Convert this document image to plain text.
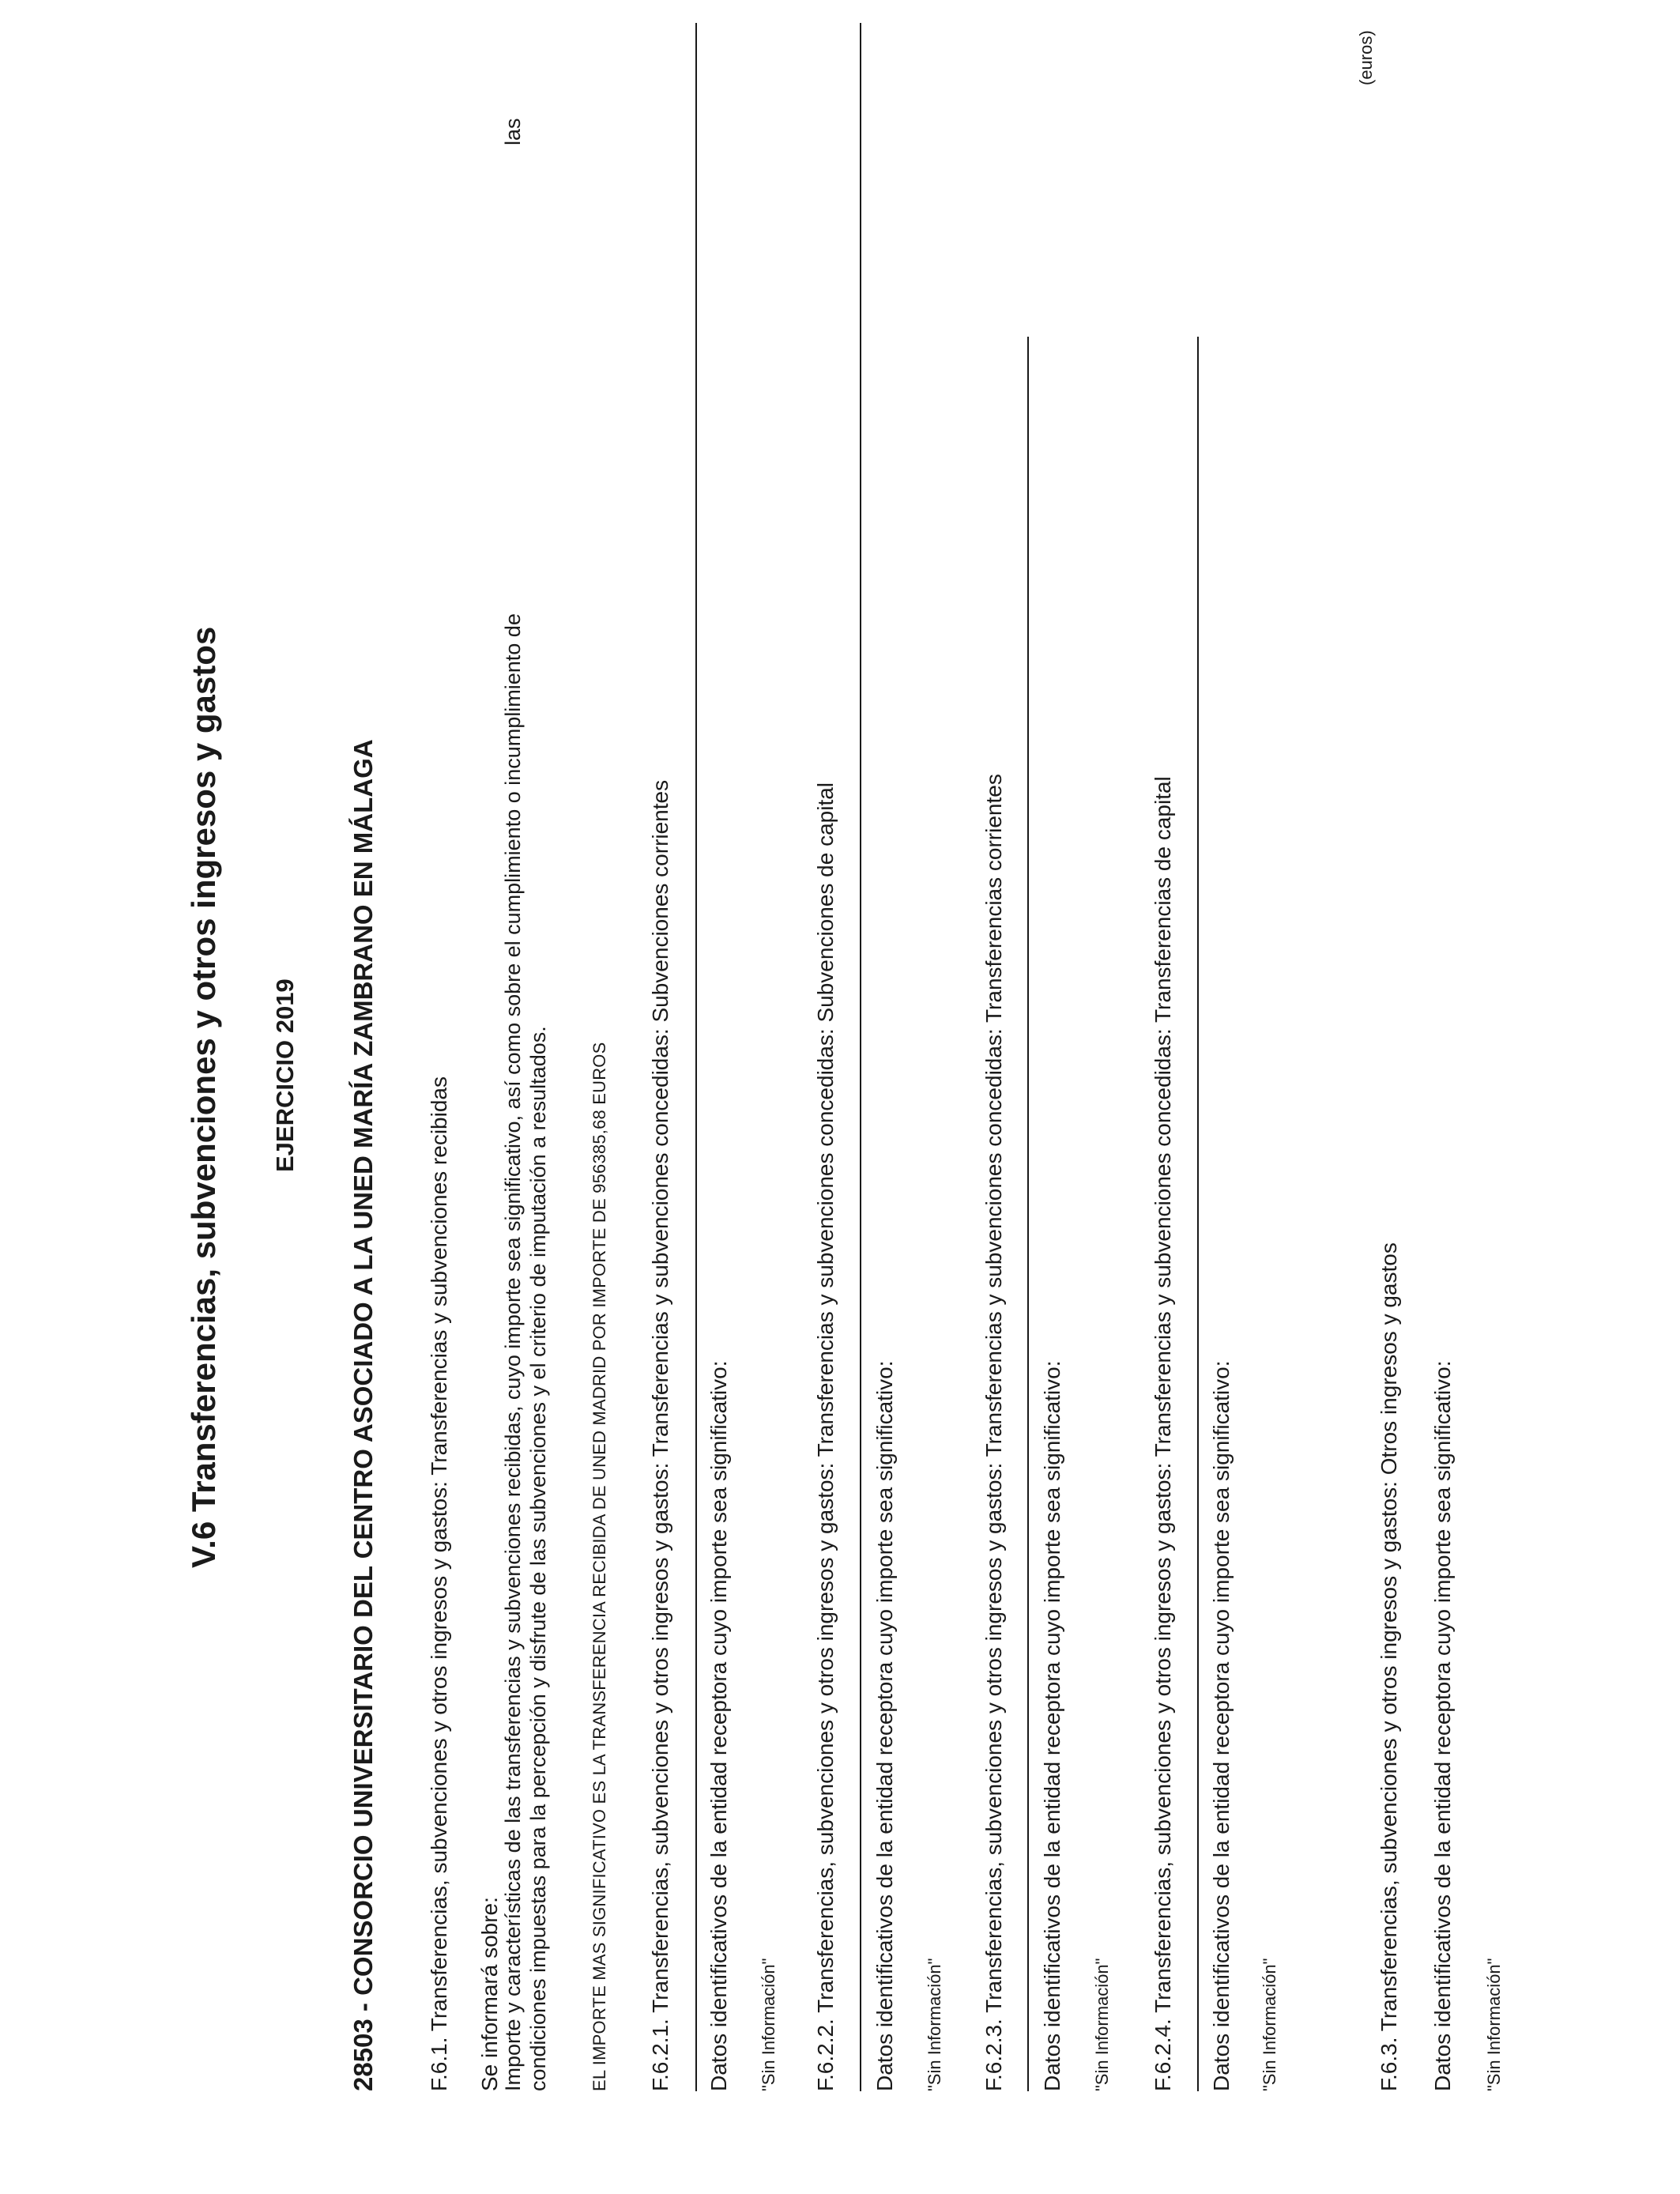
(euros)
V.6 Transferencias, subvenciones y otros ingresos y gastos EJERCICIO 2019 28503 - CONSORCIO UNIVERSITARIO DEL CENTRO ASOCIADO A LA UNED MARÍA ZAMBRANO EN MÁLAGA F.6.1. Transferencias, subvenciones y otros ingresos y gastos: Transferencias y subvenciones recibidas Se informará sobre: Importe y características de las transferencias y subvenciones recibidas, cuyo importe sea significativo, así como sobre el cumplimiento o incumplimiento de
las
condiciones impuestas para la percepción y disfrute de las subvenciones y el criterio de imputación a resultados. EL IMPORTE MAS SIGNIFICATIVO ES LA TRANSFERENCIA RECIBIDA DE UNED MADRID POR IMPORTE DE 956385,68 EUROS F.6.2.1. Transferencias, subvenciones y otros ingresos y gastos: Transferencias y subvenciones concedidas: Subvenciones corrientes Datos identificativos de la entidad receptora cuyo importe sea significativo: "Sin Información" F.6.2.2. Transferencias, subvenciones y otros ingresos y gastos: Transferencias y subvenciones concedidas: Subvenciones de capital Datos identificativos de la entidad receptora cuyo importe sea significativo: "Sin Información" F.6.2.3. Transferencias, subvenciones y otros ingresos y gastos: Transferencias y subvenciones concedidas: Transferencias corrientes Datos identificativos de la entidad receptora cuyo importe sea significativo: "Sin Información" F.6.2.4. Transferencias, subvenciones y otros ingresos y gastos: Transferencias y subvenciones concedidas: Transferencias de capital Datos identificativos de la entidad receptora cuyo importe sea significativo: "Sin Información"	F.6.3. Transferencias, subvenciones y otros ingresos y gastos: Otros ingresos y gastos Datos identificativos de la entidad receptora cuyo importe sea significativo: "Sin Información"
